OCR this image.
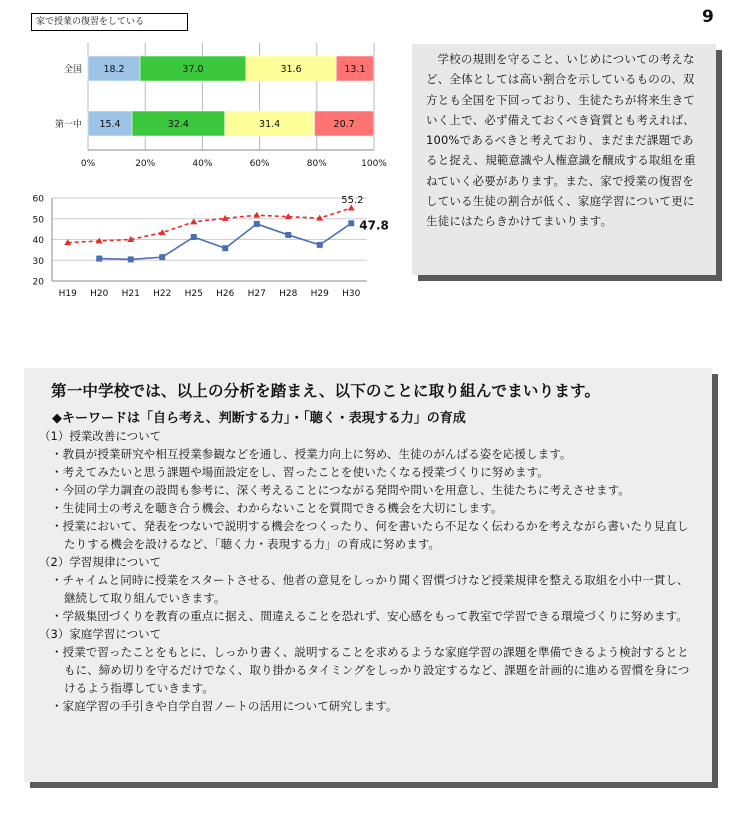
9
家で授業の復習をしている
0%	20%	40%	60%	80%	100%
全国 18.2	37.0	31.6	13.1
第一中 15.4	32.4	31.4	20.7
20
30
40
50
60
H19 H20 H21 H22 H25 H26 H27 H28 H29 H30
55.2
47.8

学校の規則を守ること、いじめについての考えなど、全体としては高い割合を示しているものの、双方とも全国を下回っており、生徒たちが将来生きていく上で、必ず備えておくべき資質とも考えれば、100%であるべきと考えており、まだまだ課題であると捉え、規範意識や人権意識を醸成する取組を重ねていく必要があります。また、家で授業の復習をしている生徒の割合が低く、家庭学習について更に生徒にはたらきかけてまいります。

第一中学校では、以上の分析を踏まえ、以下のことに取り組んでまいります。
◆キーワードは「自ら考え、判断する力」・「聴く・表現する力」の育成
（1）授業改善について
・教員が授業研究や相互授業参観などを通し、授業力向上に努め、生徒のがんばる姿を応援します。
・考えてみたいと思う課題や場面設定をし、習ったことを使いたくなる授業づくりに努めます。
・今回の学力調査の設問も参考に、深く考えることにつながる発問や問いを用意し、生徒たちに考えさせます。
・生徒同士の考えを聴き合う機会、わからないことを質問できる機会を大切にします。
・授業において、発表をつないで説明する機会をつくったり、何を書いたら不足なく伝わるかを考えながら書いたり見直したりする機会を設けるなど、「聴く力・表現する力」の育成に努めます。
（2）学習規律について
・チャイムと同時に授業をスタートさせる、他者の意見をしっかり聞く習慣づけなど授業規律を整える取組を小中一貫し、継続して取り組んでいきます。
・学級集団づくりを教育の重点に据え、間違えることを恐れず、安心感をもって教室で学習できる環境づくりに努めます。
（3）家庭学習について
・授業で習ったことをもとに、しっかり書く、説明することを求めるような家庭学習の課題を準備できるよう検討するとともに、締め切りを守るだけでなく、取り掛かるタイミングをしっかり設定するなど、課題を計画的に進める習慣を身につけるよう指導していきます。
・家庭学習の手引きや自学自習ノートの活用について研究します。
